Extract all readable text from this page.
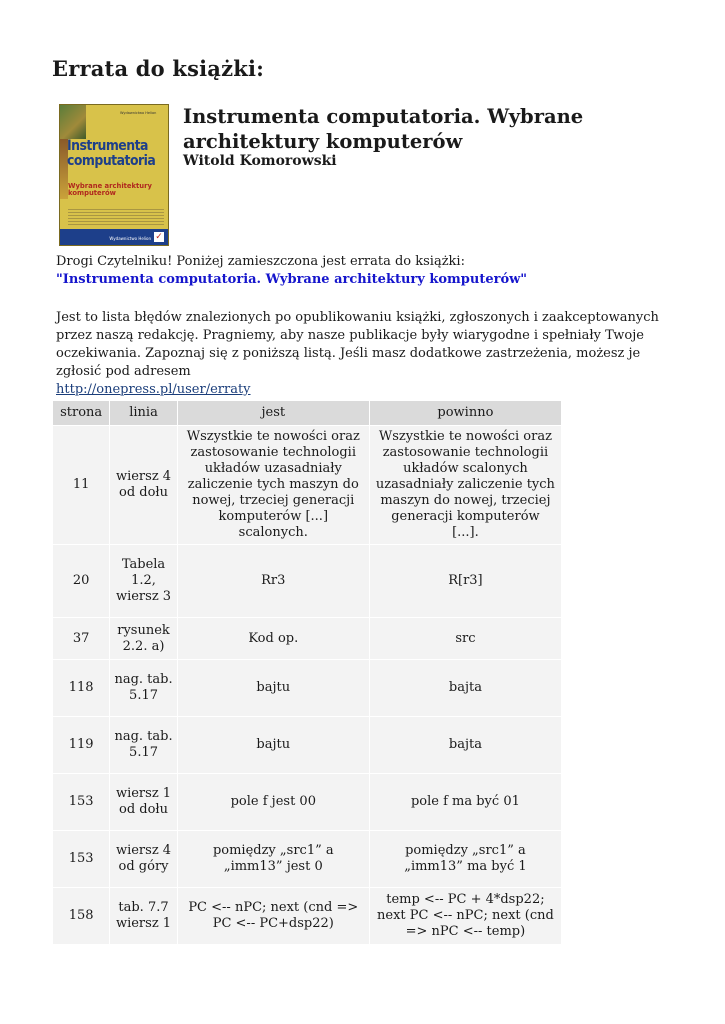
Errata do książki:
Wydawnictwo Helion
Instrumenta
computatoria
Wybrane architektury komputerów
Wydawnictwo Helion ✓
Instrumenta computatoria. Wybrane architektury komputerów
Witold Komorowski
Drogi Czytelniku! Poniżej zamieszczona jest errata do książki:
"Instrumenta computatoria. Wybrane architektury komputerów"
Jest to lista błędów znalezionych po opublikowaniu książki, zgłoszonych i zaakceptowanych przez naszą redakcję. Pragniemy, aby nasze publikacje były wiarygodne i spełniały Twoje oczekiwania. Zapoznaj się z poniższą listą. Jeśli masz dodatkowe zastrzeżenia, możesz je zgłosić pod adresem
http://onepress.pl/user/erraty
strona	linia	jest	powinno
11	wiersz 4 od dołu	Wszystkie te nowości oraz zastosowanie technologii układów uzasadniały zaliczenie tych maszyn do nowej, trzeciej generacji komputerów [...] scalonych.	Wszystkie te nowości oraz zastosowanie technologii układów scalonych uzasadniały zaliczenie tych maszyn do nowej, trzeciej generacji komputerów [...].
20	Tabela 1.2, wiersz 3	Rr3	R[r3]
37	rysunek 2.2. a)	Kod op.	src
118	nag. tab. 5.17	bajtu	bajta
119	nag. tab. 5.17	bajtu	bajta
153	wiersz 1 od dołu	pole f jest 00	pole f ma być 01
153	wiersz 4 od góry	pomiędzy „src1” a „imm13” jest 0	pomiędzy „src1” a „imm13” ma być 1
158	tab. 7.7 wiersz 1	PC <-- nPC; next (cnd => PC <-- PC+dsp22)	temp <-- PC + 4*dsp22; next PC <-- nPC; next (cnd => nPC <-- temp)
